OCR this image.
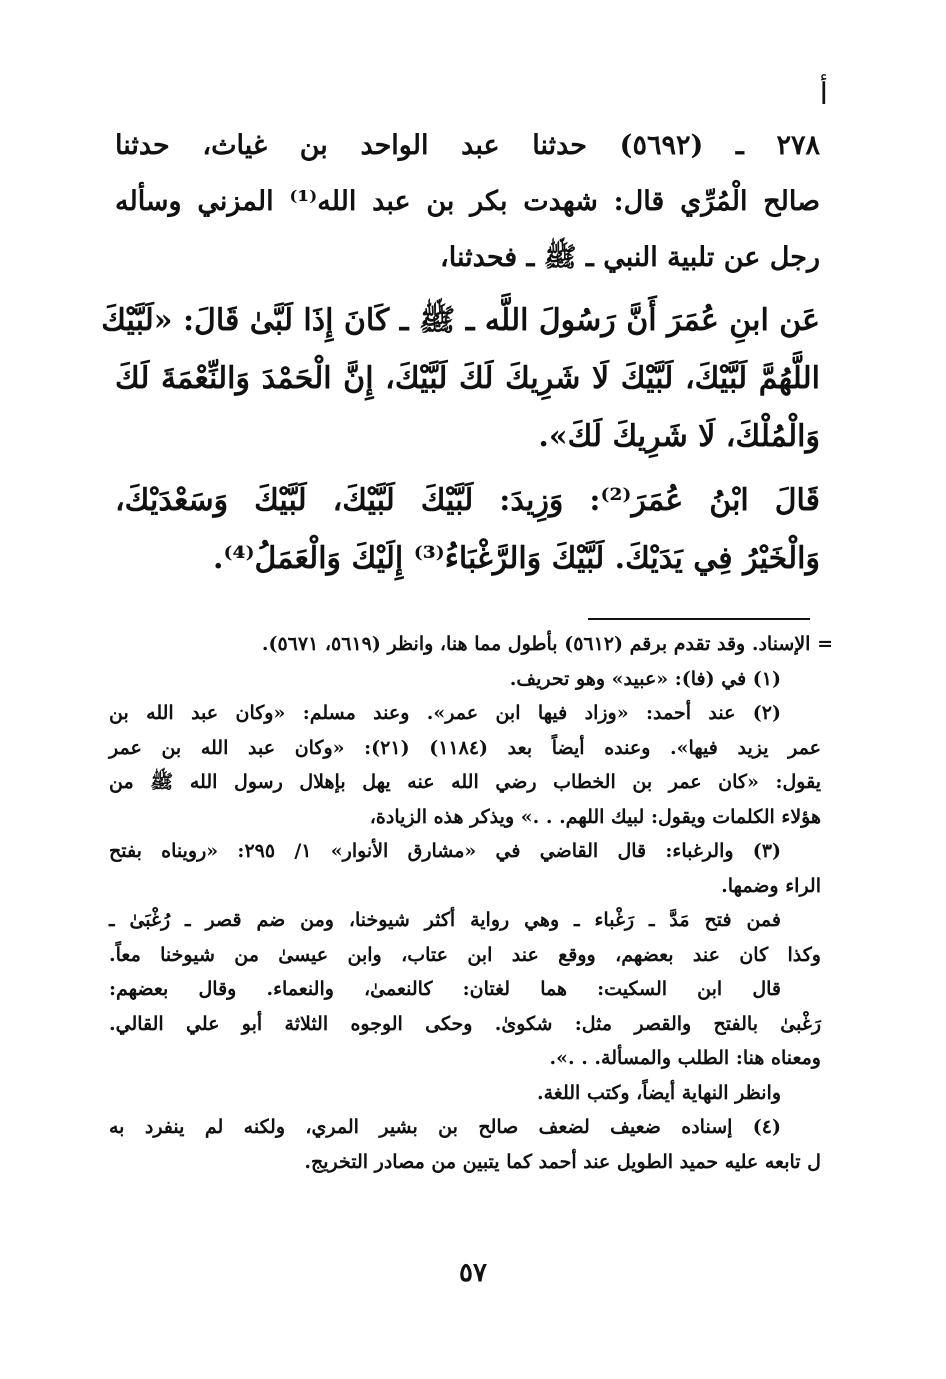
أ
٢٧٨ ـ (٥٦٩٢) حدثنا عبد الواحد بن غياث، حدثنا
صالح الْمُرِّي قال: شهدت بكر بن عبد الله⁽¹⁾ المزني وسأله
رجل عن تلبية النبي ـ ﷺ ـ فحدثنا،
عَن ابنِ عُمَرَ أَنَّ رَسُولَ اللَّه ـ ﷺ ـ كَانَ إِذَا لَبَّىٰ قَالَ: «لَبَّيْكَ
اللَّهُمَّ لَبَّيْكَ، لَبَّيْكَ لَا شَرِيكَ لَكَ لَبَّيْكَ، إِنَّ الْحَمْدَ وَالنِّعْمَةَ لَكَ
وَالْمُلْكَ، لَا شَرِيكَ لَكَ».
قَالَ ابْنُ عُمَرَ⁽²⁾: وَزِيدَ: لَبَّيْكَ لَبَّيْكَ، لَبَّيْكَ وَسَعْدَيْكَ،
وَالْخَيْرُ فِي يَدَيْكَ. لَبَّيْكَ وَالرَّغْبَاءُ⁽³⁾ إِلَيْكَ وَالْعَمَلُ⁽⁴⁾.
= الإسناد. وقد تقدم برقم (٥٦١٢) بأطول مما هنا، وانظر (٥٦١٩، ٥٦٧١).
(١) في (فا): «عبيد» وهو تحريف.
(٢) عند أحمد: «وزاد فيها ابن عمر». وعند مسلم: «وكان عبد الله بن
عمر يزيد فيها». وعنده أيضاً بعد (١١٨٤) (٢١): «وكان عبد الله بن عمر
يقول: «كان عمر بن الخطاب رضي الله عنه يهل بإهلال رسول الله ﷺ من
هؤلاء الكلمات ويقول: لبيك اللهم. . .» ويذكر هذه الزيادة،
(٣) والرغباء: قال القاضي في «مشارق الأنوار» ١/ ٢٩٥: «رويناه بفتح
الراء وضمها.
فمن فتح مَدَّ ـ رَغْباء ـ وهي رواية أكثر شيوخنا، ومن ضم قصر ـ رُغْبَىٰ ـ
وكذا كان عند بعضهم، ووقع عند ابن عتاب، وابن عيسىٰ من شيوخنا معاً.
قال ابن السكيت: هما لغتان: كالنعمىٰ، والنعماء. وقال بعضهم:
رَغْبىٰ بالفتح والقصر مثل: شكوىٰ. وحكى الوجوه الثلاثة أبو علي القالي.
ومعناه هنا: الطلب والمسألة. . .».
وانظر النهاية أيضاً، وكتب اللغة.
(٤) إسناده ضعيف لضعف صالح بن بشير المري، ولكنه لم ينفرد به
ل تابعه عليه حميد الطويل عند أحمد كما يتبين من مصادر التخريج.
٥٧
